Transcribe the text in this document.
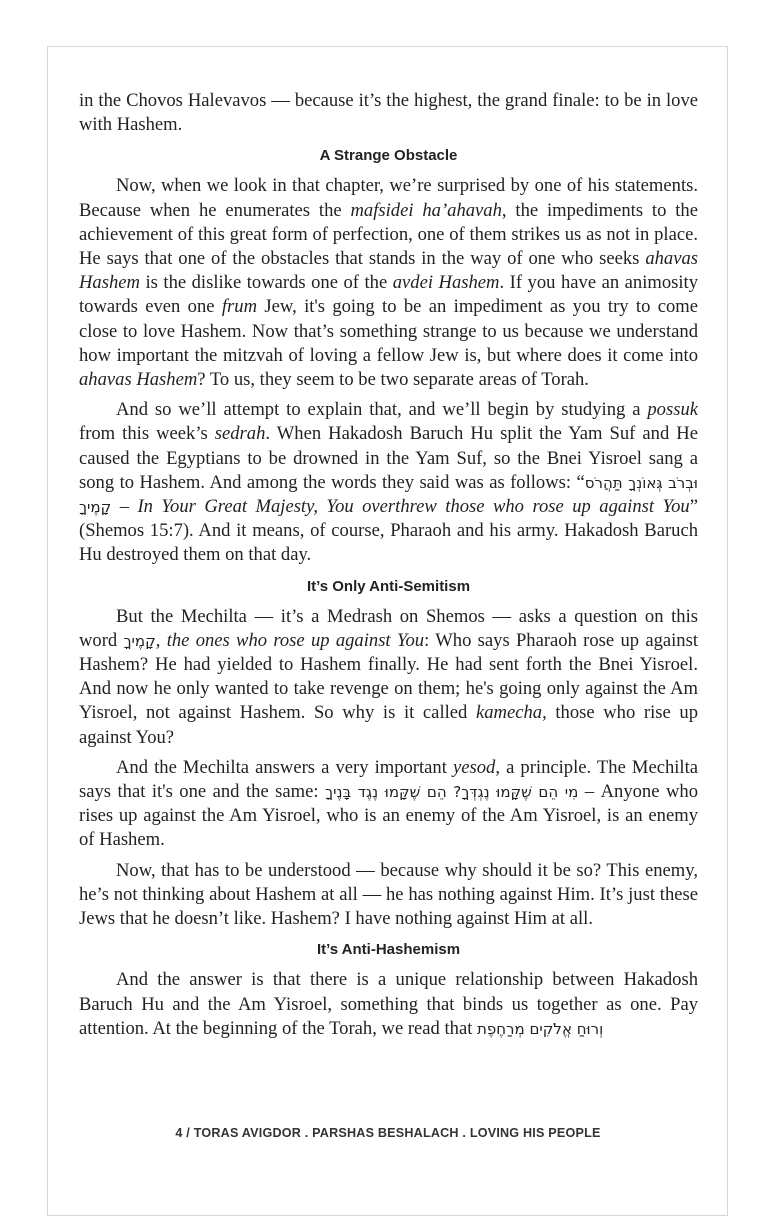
in the Chovos Halevavos — because it’s the highest, the grand finale: to be in love with Hashem.

A Strange Obstacle

Now, when we look in that chapter, we’re surprised by one of his statements. Because when he enumerates the mafsidei ha’ahavah, the impediments to the achievement of this great form of perfection, one of them strikes us as not in place. He says that one of the obstacles that stands in the way of one who seeks ahavas Hashem is the dislike towards one of the avdei Hashem. If you have an animosity towards even one frum Jew, it's going to be an impediment as you try to come close to love Hashem. Now that’s something strange to us because we understand how important the mitzvah of loving a fellow Jew is, but where does it come into ahavas Hashem? To us, they seem to be two separate areas of Torah.

And so we’ll attempt to explain that, and we’ll begin by studying a possuk from this week’s sedrah. When Hakadosh Baruch Hu split the Yam Suf and He caused the Egyptians to be drowned in the Yam Suf, so the Bnei Yisroel sang a song to Hashem. And among the words they said was as follows: “וּבְרֹב גְּאוֹנְךָ תַּהֲרֹס קָמֶיךָ – In Your Great Majesty, You overthrew those who rose up against You” (Shemos 15:7). And it means, of course, Pharaoh and his army. Hakadosh Baruch Hu destroyed them on that day.

It’s Only Anti-Semitism

But the Mechilta — it’s a Medrash on Shemos — asks a question on this word קָמֶיךָ, the ones who rose up against You: Who says Pharaoh rose up against Hashem? He had yielded to Hashem finally. He had sent forth the Bnei Yisroel. And now he only wanted to take revenge on them; he's going only against the Am Yisroel, not against Hashem. So why is it called kamecha, those who rise up against You?

And the Mechilta answers a very important yesod, a principle. The Mechilta says that it's one and the same: מִי הֵם שֶׁקָּמוּ נֶגְדְּךָ? הֵם שֶׁקָּמוּ נֶגֶד בָּנֶיךָ – Anyone who rises up against the Am Yisroel, who is an enemy of the Am Yisroel, is an enemy of Hashem.

Now, that has to be understood — because why should it be so? This enemy, he’s not thinking about Hashem at all — he has nothing against Him. It’s just these Jews that he doesn’t like. Hashem? I have nothing against Him at all.

It’s Anti-Hashemism

And the answer is that there is a unique relationship between Hakadosh Baruch Hu and the Am Yisroel, something that binds us together as one. Pay attention. At the beginning of the Torah, we read that וְרוּחַ אֱלֹקִים מְרַחֶפֶת

4 / TORAS AVIGDOR . PARSHAS BESHALACH . LOVING HIS PEOPLE
